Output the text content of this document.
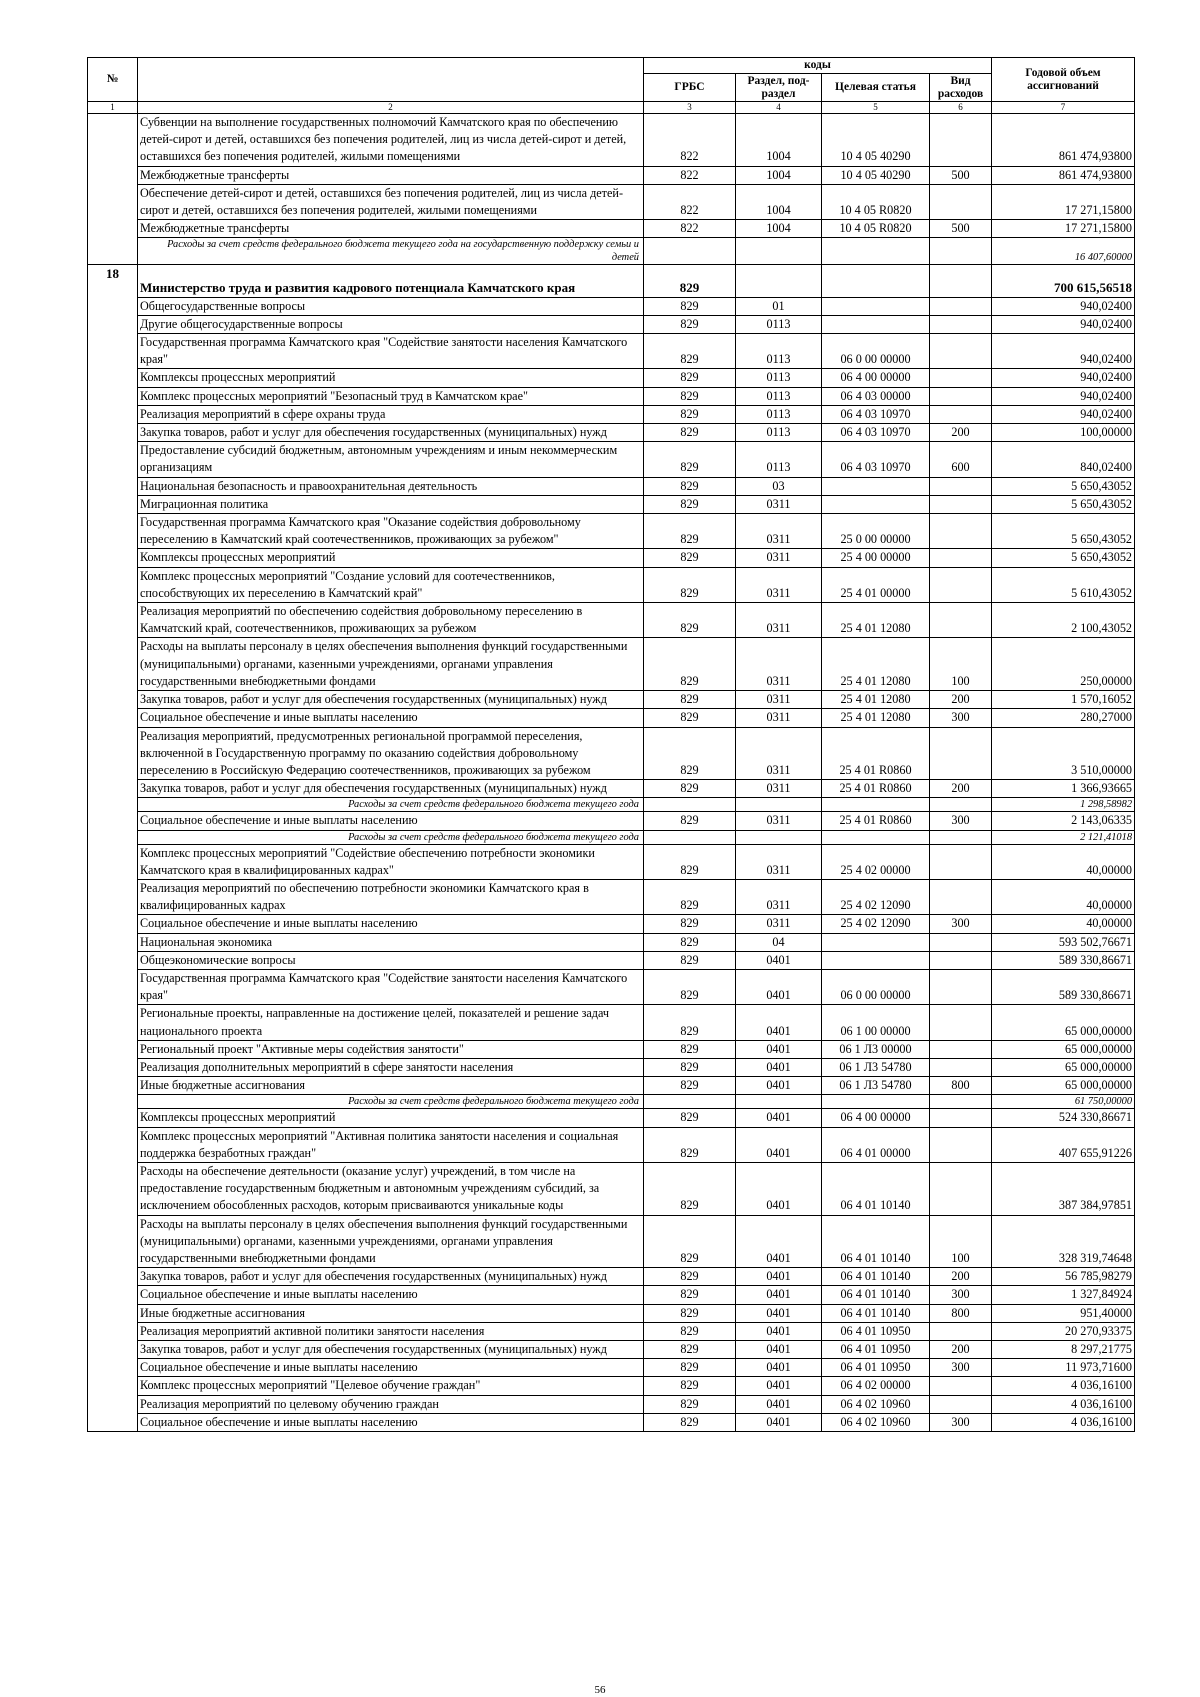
№		коды				Годовой объем ассигнований
		ГРБС	Раздел, под-раздел	Целевая статья	Вид расходов	
1	2	3	4	5	6	7
	Субвенции на выполнение государственных полномочий Камчатского края по обеспечению детей-сирот и детей, оставшихся без попечения родителей, лиц из числа детей-сирот и детей, оставшихся без попечения родителей, жилыми помещениями	822	1004	10 4 05 40290		861 474,93800
	Межбюджетные трансферты	822	1004	10 4 05 40290	500	861 474,93800
	Обеспечение детей-сирот и детей, оставшихся без попечения родителей, лиц из числа детей-сирот и детей, оставшихся без попечения родителей, жилыми помещениями	822	1004	10 4 05 R0820		17 271,15800
	Межбюджетные трансферты	822	1004	10 4 05 R0820	500	17 271,15800
	Расходы за счет средств федерального бюджета текущего года на государственную поддержку семьи и детей					16 407,60000
18	Министерство труда и развития кадрового потенциала Камчатского края	829				700 615,56518
	Общегосударственные вопросы	829	01			940,02400
	Другие общегосударственные вопросы	829	0113			940,02400
	Государственная программа Камчатского края "Содействие занятости населения Камчатского края"	829	0113	06 0 00 00000		940,02400
	Комплексы процессных мероприятий	829	0113	06 4 00 00000		940,02400
	Комплекс процессных мероприятий "Безопасный труд в Камчатском крае"	829	0113	06 4 03 00000		940,02400
	Реализация мероприятий в сфере охраны труда	829	0113	06 4 03 10970		940,02400
	Закупка товаров, работ и услуг для обеспечения государственных (муниципальных) нужд	829	0113	06 4 03 10970	200	100,00000
	Предоставление субсидий бюджетным, автономным учреждениям и иным некоммерческим организациям	829	0113	06 4 03 10970	600	840,02400
	Национальная безопасность и правоохранительная деятельность	829	03			5 650,43052
	Миграционная политика	829	0311			5 650,43052
	Государственная программа Камчатского края "Оказание содействия добровольному переселению в Камчатский край соотечественников, проживающих за рубежом"	829	0311	25 0 00 00000		5 650,43052
	Комплексы процессных мероприятий	829	0311	25 4 00 00000		5 650,43052
	Комплекс процессных мероприятий "Создание условий для соотечественников, способствующих их переселению в Камчатский край"	829	0311	25 4 01 00000		5 610,43052
	Реализация мероприятий по обеспечению содействия добровольному переселению в Камчатский край, соотечественников, проживающих за рубежом	829	0311	25 4 01 12080		2 100,43052
	Расходы на выплаты персоналу в целях обеспечения выполнения функций государственными (муниципальными) органами, казенными учреждениями, органами управления государственными внебюджетными фондами	829	0311	25 4 01 12080	100	250,00000
	Закупка товаров, работ и услуг для обеспечения государственных (муниципальных) нужд	829	0311	25 4 01 12080	200	1 570,16052
	Социальное обеспечение и иные выплаты населению	829	0311	25 4 01 12080	300	280,27000
	Реализация мероприятий, предусмотренных региональной программой переселения, включенной в Государственную программу по оказанию содействия добровольному переселению в Российскую Федерацию соотечественников, проживающих за рубежом	829	0311	25 4 01 R0860		3 510,00000
	Закупка товаров, работ и услуг для обеспечения государственных (муниципальных) нужд	829	0311	25 4 01 R0860	200	1 366,93665
	Расходы за счет средств федерального бюджета текущего года					1 298,58982
	Социальное обеспечение и иные выплаты населению	829	0311	25 4 01 R0860	300	2 143,06335
	Расходы за счет средств федерального бюджета текущего года					2 121,41018
	Комплекс процессных мероприятий "Содействие обеспечению потребности экономики Камчатского края в квалифицированных кадрах"	829	0311	25 4 02 00000		40,00000
	Реализация мероприятий по обеспечению потребности экономики Камчатского края в квалифицированных кадрах	829	0311	25 4 02 12090		40,00000
	Социальное обеспечение и иные выплаты населению	829	0311	25 4 02 12090	300	40,00000
	Национальная экономика	829	04			593 502,76671
	Общеэкономические вопросы	829	0401			589 330,86671
	Государственная программа Камчатского края "Содействие занятости населения Камчатского края"	829	0401	06 0 00 00000		589 330,86671
	Региональные проекты, направленные на достижение целей, показателей и решение задач национального проекта	829	0401	06 1 00 00000		65 000,00000
	Региональный проект "Активные меры содействия занятости"	829	0401	06 1 Л3 00000		65 000,00000
	Реализация дополнительных мероприятий в сфере занятости населения	829	0401	06 1 Л3 54780		65 000,00000
	Иные бюджетные ассигнования	829	0401	06 1 Л3 54780	800	65 000,00000
	Расходы за счет средств федерального бюджета текущего года					61 750,00000
	Комплексы процессных мероприятий	829	0401	06 4 00 00000		524 330,86671
	Комплекс процессных мероприятий "Активная политика занятости населения и социальная поддержка безработных граждан"	829	0401	06 4 01 00000		407 655,91226
	Расходы на обеспечение деятельности (оказание услуг) учреждений, в том числе на предоставление государственным бюджетным и автономным учреждениям субсидий, за исключением обособленных расходов, которым присваиваются уникальные коды	829	0401	06 4 01 10140		387 384,97851
	Расходы на выплаты персоналу в целях обеспечения выполнения функций государственными (муниципальными) органами, казенными учреждениями, органами управления государственными внебюджетными фондами	829	0401	06 4 01 10140	100	328 319,74648
	Закупка товаров, работ и услуг для обеспечения государственных (муниципальных) нужд	829	0401	06 4 01 10140	200	56 785,98279
	Социальное обеспечение и иные выплаты населению	829	0401	06 4 01 10140	300	1 327,84924
	Иные бюджетные ассигнования	829	0401	06 4 01 10140	800	951,40000
	Реализация мероприятий активной политики занятости населения	829	0401	06 4 01 10950		20 270,93375
	Закупка товаров, работ и услуг для обеспечения государственных (муниципальных) нужд	829	0401	06 4 01 10950	200	8 297,21775
	Социальное обеспечение и иные выплаты населению	829	0401	06 4 01 10950	300	11 973,71600
	Комплекс процессных мероприятий "Целевое обучение граждан"	829	0401	06 4 02 00000		4 036,16100
	Реализация мероприятий по целевому обучению граждан	829	0401	06 4 02 10960		4 036,16100
	Социальное обеспечение и иные выплаты населению	829	0401	06 4 02 10960	300	4 036,16100
56
